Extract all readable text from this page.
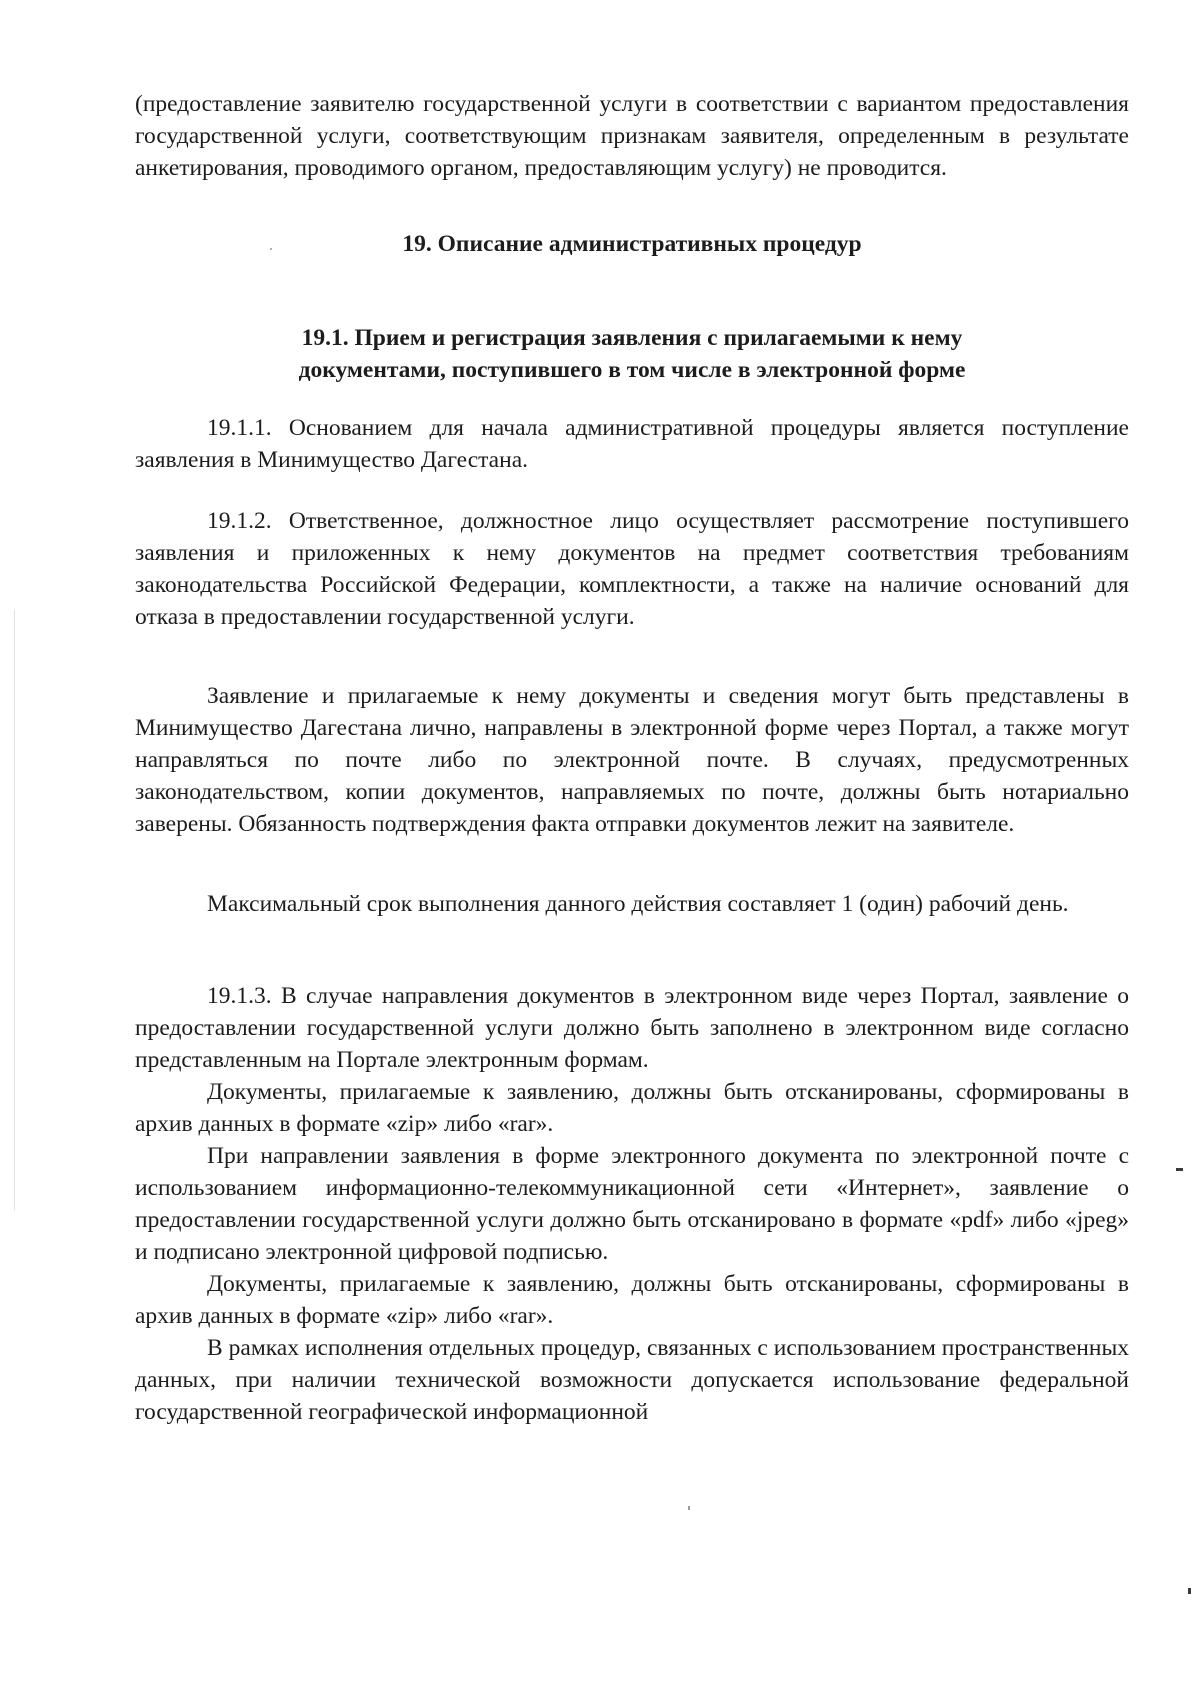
(предоставление заявителю государственной услуги в соответствии с вариантом предоставления государственной услуги, соответствующим признакам заявителя, определенным в результате анкетирования, проводимого органом, предоставляющим услугу) не проводится.

19. Описание административных процедур
19.1. Прием и регистрация заявления с прилагаемыми к нему
документами, поступившего в том числе в электронной форме
19.1.1. Основанием для начала административной процедуры является поступление заявления в Минимущество Дагестана.
19.1.2. Ответственное, должностное лицо осуществляет рассмотрение поступившего заявления и приложенных к нему документов на предмет соответствия требованиям законодательства Российской Федерации, комплектности, а также на наличие оснований для отказа в предоставлении государственной услуги.
Заявление и прилагаемые к нему документы и сведения могут быть представлены в Минимущество Дагестана лично, направлены в электронной форме через Портал, а также могут направляться по почте либо по электронной почте. В случаях, предусмотренных законодательством, копии документов, направляемых по почте, должны быть нотариально заверены. Обязанность подтверждения факта отправки документов лежит на заявителе.
Максимальный срок выполнения данного действия составляет 1 (один) рабочий день.
19.1.3. В случае направления документов в электронном виде через Портал, заявление о предоставлении государственной услуги должно быть заполнено в электронном виде согласно представленным на Портале электронным формам.
Документы, прилагаемые к заявлению, должны быть отсканированы, сформированы в архив данных в формате «zip» либо «rar».
При направлении заявления в форме электронного документа по электронной почте с использованием информационно-телекоммуникационной сети «Интернет», заявление о предоставлении государственной услуги должно быть отсканировано в формате «pdf» либо «jpeg» и подписано электронной цифровой подписью.
Документы, прилагаемые к заявлению, должны быть отсканированы, сформированы в архив данных в формате «zip» либо «rar».
В рамках исполнения отдельных процедур, связанных с использованием пространственных данных, при наличии технической возможности допускается использование федеральной государственной географической информационной
